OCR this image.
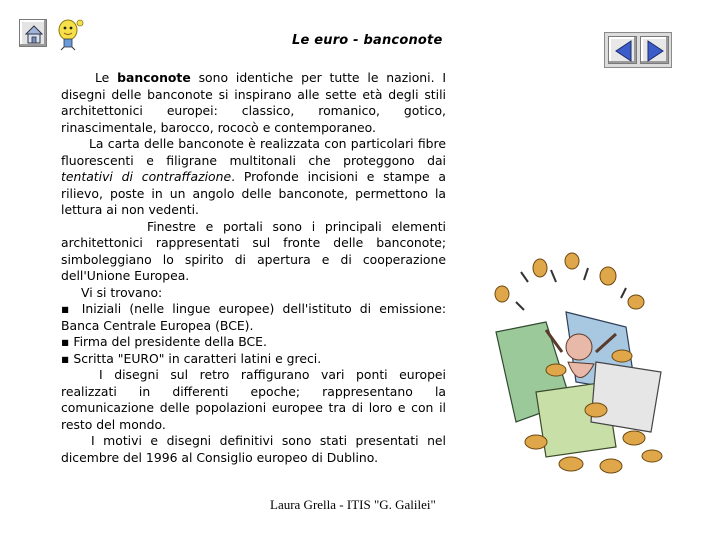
Le euro - banconote

Le banconote sono identiche per tutte le nazioni. I disegni delle banconote si inspirano alle sette età degli stili architettonici europei: classico, romanico, gotico, rinascimentale, barocco, rococò e contemporaneo.

La carta delle banconote è realizzata con particolari fibre fluorescenti e filigrane multitonali che proteggono dai tentativi di contraffazione. Profonde incisioni e stampe a rilievo, poste in un angolo delle banconote, permettono la lettura ai non vedenti.

Finestre e portali sono i principali elementi architettonici rappresentati sul fronte delle banconote; simboleggiano lo spirito di apertura e di cooperazione dell'Unione Europea.

Vi si trovano:

▪ Iniziali (nelle lingue europee) dell'istituto di emissione: Banca Centrale Europea (BCE).

▪ Firma del presidente della BCE.

▪ Scritta "EURO" in caratteri latini e greci.

I disegni sul retro raffigurano vari ponti europei realizzati in differenti epoche; rappresentano la comunicazione delle popolazioni europee tra di loro e con il resto del mondo.

I motivi e disegni definitivi sono stati presentati nel dicembre del 1996 al Consiglio europeo di Dublino.

Laura Grella - ITIS "G. Galilei"
